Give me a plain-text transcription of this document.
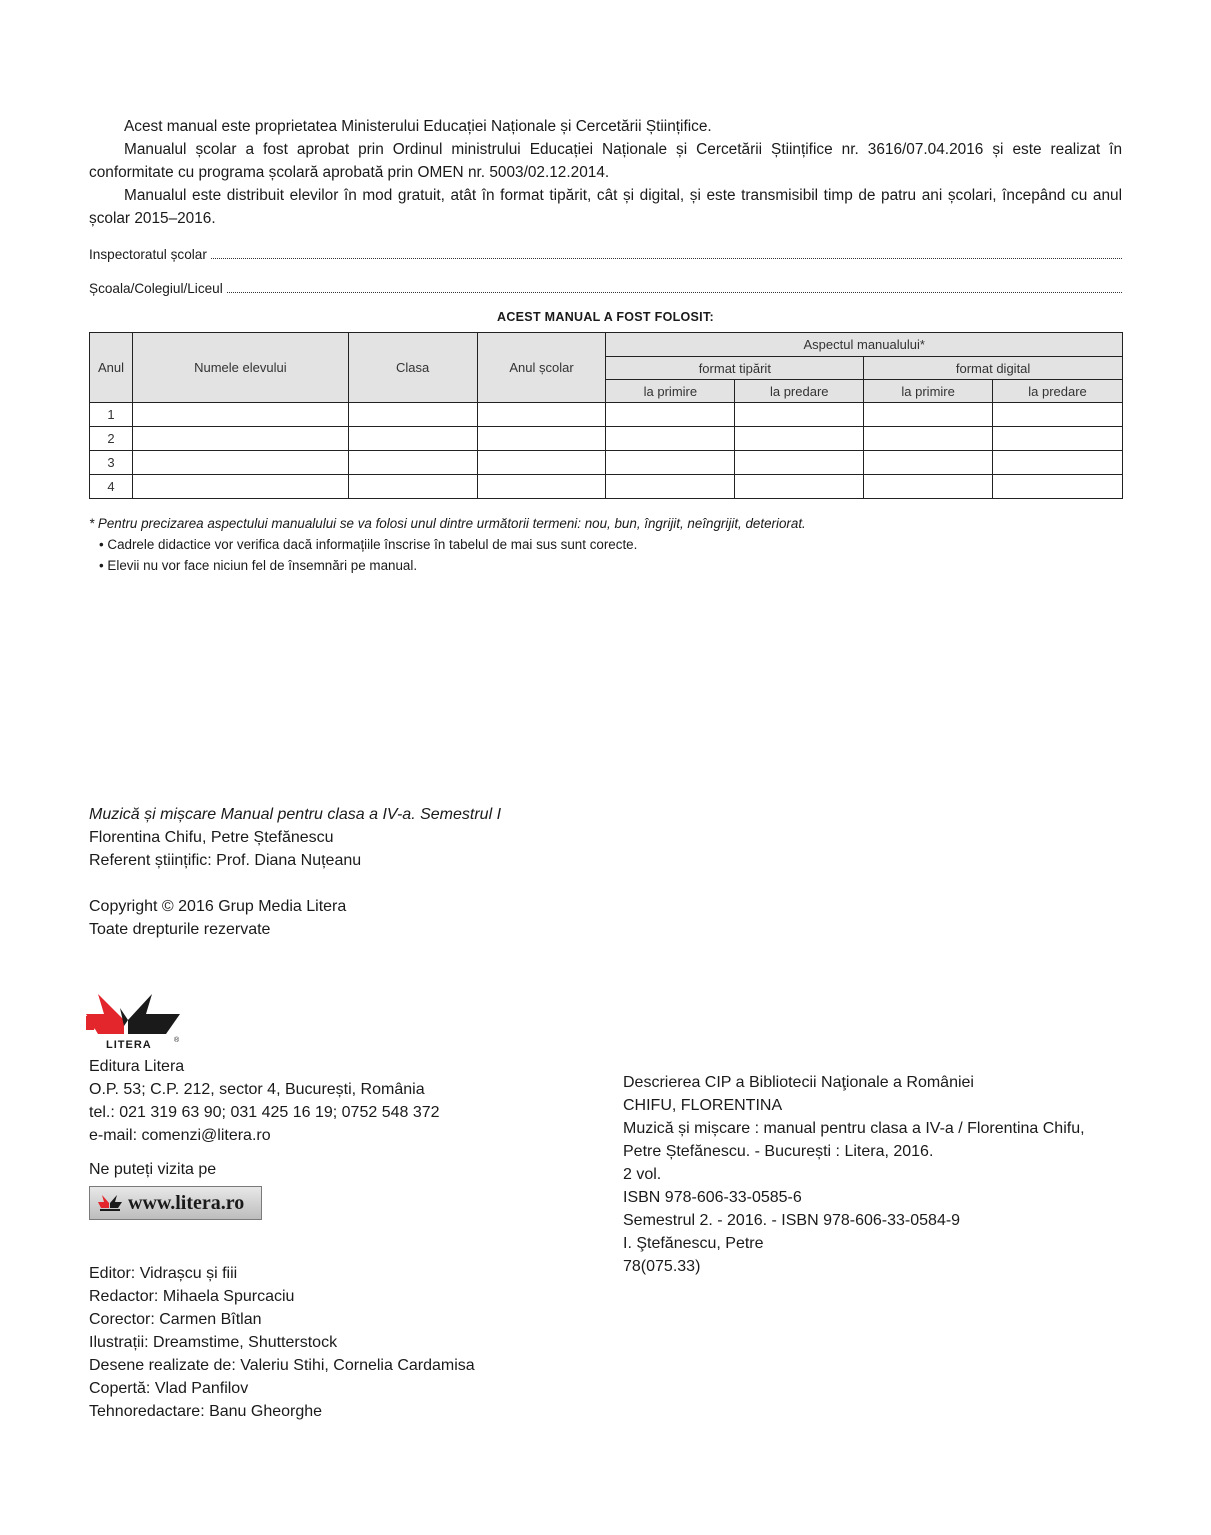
Acest manual este proprietatea Ministerului Educației Naționale și Cercetării Științifice.

Manualul școlar a fost aprobat prin Ordinul ministrului Educației Naționale și Cercetării Științifice nr. 3616/07.04.2016 și este realizat în conformitate cu programa școlară aprobată prin OMEN nr. 5003/02.12.2014.

Manualul este distribuit elevilor în mod gratuit, atât în format tipărit, cât și digital, și este transmisibil timp de patru ani școlari, începând cu anul școlar 2015–2016.

Inspectoratul școlar
Școala/Colegiul/Liceul
ACEST MANUAL A FOST FOLOSIT:
Anul	Numele elevului	Clasa	Anul școlar	Aspectul manualului*			
				format tipărit		format digital	
				la primire	la predare	la primire	la predare
1							
2							
3							
4							
* Pentru precizarea aspectului manualului se va folosi unul dintre următorii termeni: nou, bun, îngrijit, neîngrijit, deteriorat.
• Cadrele didactice vor verifica dacă informațiile înscrise în tabelul de mai sus sunt corecte.
• Elevii nu vor face niciun fel de însemnări pe manual.
Muzică și mișcare Manual pentru clasa a IV-a. Semestrul I
Florentina Chifu, Petre Ștefănescu
Referent științific: Prof. Diana Nuțeanu
Copyright © 2016 Grup Media Litera
Toate drepturile rezervate
LITERA	®
Editura Litera
O.P. 53; C.P. 212, sector 4, București, România
tel.: 021 319 63 90; 031 425 16 19; 0752 548 372
e-mail: comenzi@litera.ro
Ne puteți vizita pe
www.litera.ro
Editor: Vidrașcu și fiii
Redactor: Mihaela Spurcaciu
Corector: Carmen Bîtlan
Ilustrații: Dreamstime, Shutterstock
Desene realizate de: Valeriu Stihi, Cornelia Cardamisa
Copertă: Vlad Panfilov
Tehnoredactare: Banu Gheorghe
Descrierea CIP a Bibliotecii Naţionale a României
CHIFU, FLORENTINA
Muzică și mișcare : manual pentru clasa a IV-a / Florentina Chifu,
Petre Ștefănescu. - București : Litera, 2016.
2 vol.
ISBN 978-606-33-0585-6
Semestrul 2. - 2016. - ISBN 978-606-33-0584-9
I. Ştefănescu, Petre
78(075.33)
